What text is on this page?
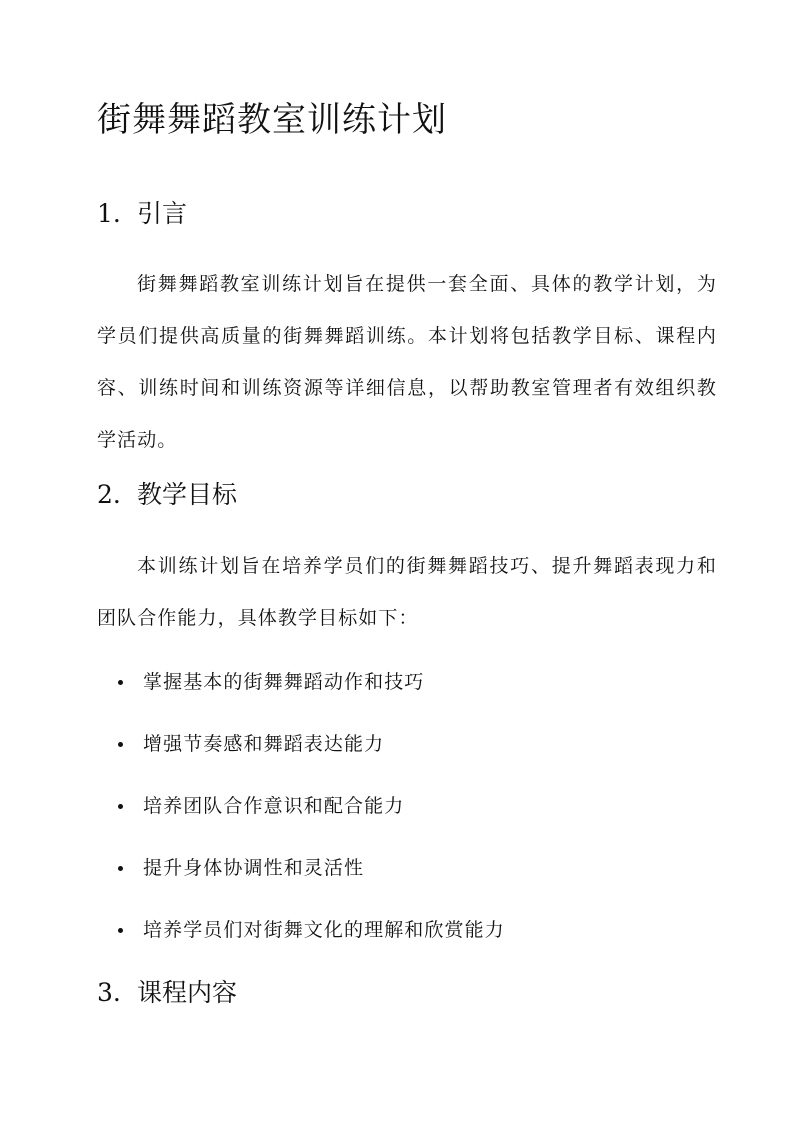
街舞舞蹈教室训练计划
1. 引言

街舞舞蹈教室训练计划旨在提供一套全面、具体的教学计划，为学员们提供高质量的街舞舞蹈训练。本计划将包括教学目标、课程内容、训练时间和训练资源等详细信息，以帮助教室管理者有效组织教学活动。

2. 教学目标

本训练计划旨在培养学员们的街舞舞蹈技巧、提升舞蹈表现力和团队合作能力，具体教学目标如下：

掌握基本的街舞舞蹈动作和技巧
增强节奏感和舞蹈表达能力
培养团队合作意识和配合能力
提升身体协调性和灵活性
培养学员们对街舞文化的理解和欣赏能力
3. 课程内容
